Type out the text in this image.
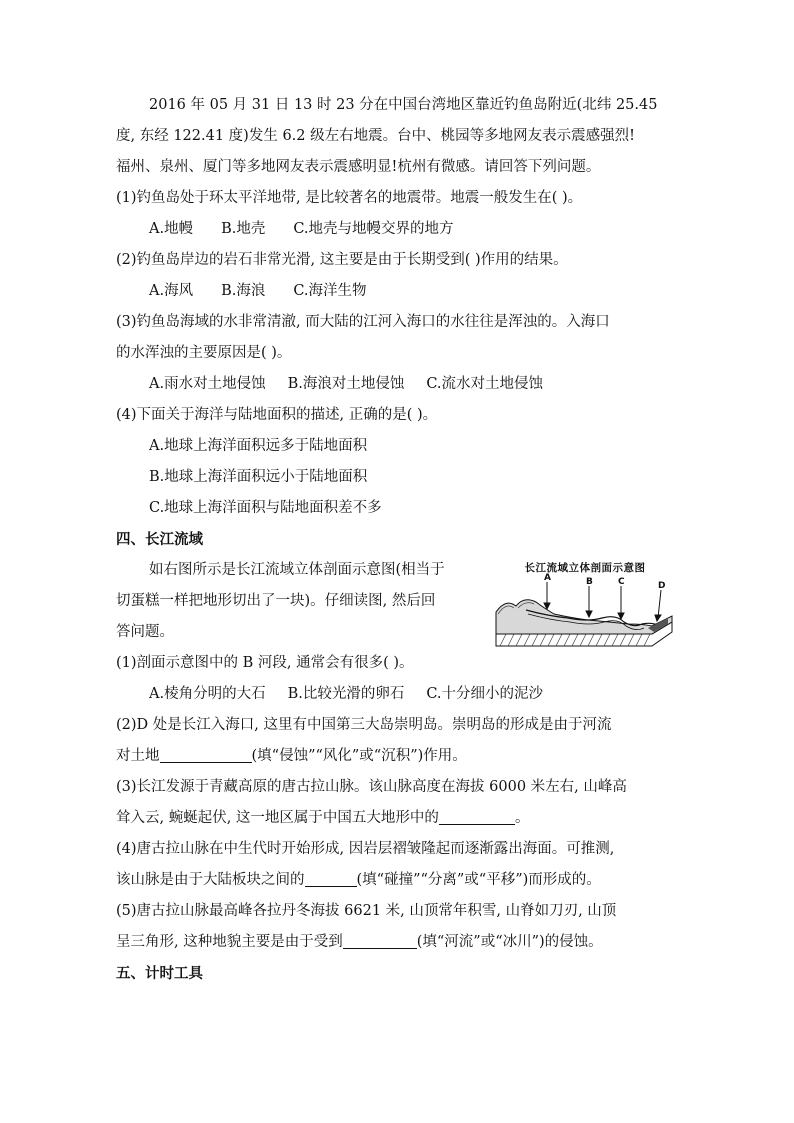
2016 年 05 月 31 日 13 时 23 分在中国台湾地区靠近钓鱼岛附近(北纬 25.45
度, 东经 122.41 度)发生 6.2 级左右地震。台中、桃园等多地网友表示震感强烈!
福州、泉州、厦门等多地网友表示震感明显!杭州有微感。请回答下列问题。
(1)钓鱼岛处于环太平洋地带, 是比较著名的地震带。地震一般发生在( )。
A.地幔 B.地壳 C.地壳与地幔交界的地方
(2)钓鱼岛岸边的岩石非常光滑, 这主要是由于长期受到( )作用的结果。
A.海风 B.海浪 C.海洋生物
(3)钓鱼岛海域的水非常清澈, 而大陆的江河入海口的水往往是浑浊的。入海口
的水浑浊的主要原因是( )。
A.雨水对土地侵蚀 B.海浪对土地侵蚀 C.流水对土地侵蚀
(4)下面关于海洋与陆地面积的描述, 正确的是( )。
A.地球上海洋面积远多于陆地面积
B.地球上海洋面积远小于陆地面积
C.地球上海洋面积与陆地面积差不多
四、长江流域
如右图所示是长江流域立体剖面示意图(相当于
切蛋糕一样把地形切出了一块)。仔细读图, 然后回
答问题。
(1)剖面示意图中的 B 河段, 通常会有很多( )。
A.棱角分明的大石 B.比较光滑的卵石 C.十分细小的泥沙
(2)D 处是长江入海口, 这里有中国第三大岛崇明岛。崇明岛的形成是由于河流
对土地	(填“侵蚀”“风化”或“沉积”)作用。
(3)长江发源于青藏高原的唐古拉山脉。该山脉高度在海拔 6000 米左右, 山峰高
耸入云, 蜿蜒起伏, 这一地区属于中国五大地形中的	。
(4)唐古拉山脉在中生代时开始形成, 因岩层褶皱隆起而逐渐露出海面。可推测,
该山脉是由于大陆板块之间的	(填“碰撞”“分离”或“平移”)而形成的。
(5)唐古拉山脉最高峰各拉丹冬海拔 6621 米, 山顶常年积雪, 山脊如刀刃, 山顶
呈三角形, 这种地貌主要是由于受到	(填“河流”或“冰川”)的侵蚀。
五、计时工具
长江流域立体剖面示意图
A	B	C	D
